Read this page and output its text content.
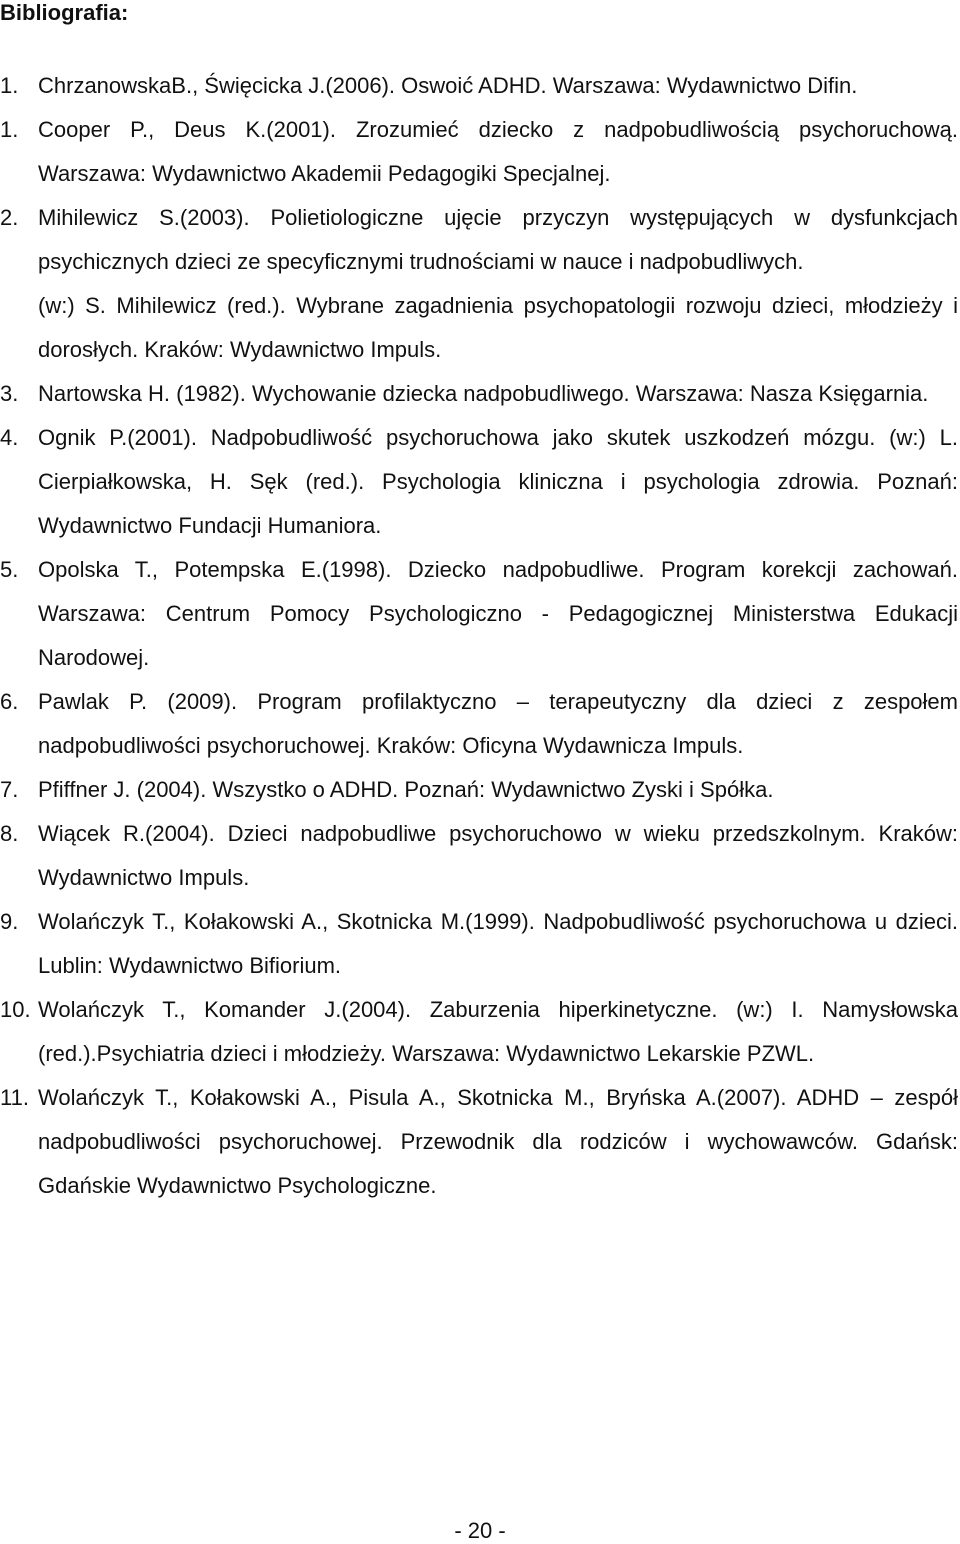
Bibliografia:
1. ChrzanowskaB., Święcicka J.(2006). Oswoić ADHD. Warszawa: Wydawnictwo Difin.
1. Cooper P., Deus K.(2001). Zrozumieć dziecko z nadpobudliwością psychoruchową. Warszawa: Wydawnictwo Akademii Pedagogiki Specjalnej.
2. Mihilewicz S.(2003). Polietiologiczne ujęcie przyczyn występujących w dysfunkcjach psychicznych dzieci ze specyficznymi trudnościami w nauce i nadpobudliwych.
(w:) S. Mihilewicz (red.). Wybrane zagadnienia psychopatologii rozwoju dzieci, młodzieży i dorosłych. Kraków: Wydawnictwo Impuls.
3. Nartowska H. (1982). Wychowanie dziecka nadpobudliwego. Warszawa: Nasza Księgarnia.
4. Ognik P.(2001). Nadpobudliwość psychoruchowa jako skutek uszkodzeń mózgu. (w:) L. Cierpiałkowska, H. Sęk (red.). Psychologia kliniczna i psychologia zdrowia. Poznań: Wydawnictwo Fundacji Humaniora.
5. Opolska T., Potempska E.(1998). Dziecko nadpobudliwe. Program korekcji zachowań. Warszawa: Centrum Pomocy Psychologiczno - Pedagogicznej Ministerstwa Edukacji Narodowej.
6. Pawlak P. (2009). Program profilaktyczno – terapeutyczny dla dzieci z zespołem nadpobudliwości psychoruchowej. Kraków: Oficyna Wydawnicza Impuls.
7. Pfiffner J. (2004). Wszystko o ADHD. Poznań: Wydawnictwo Zyski i Spółka.
8. Wiącek R.(2004). Dzieci nadpobudliwe psychoruchowo w wieku przedszkolnym. Kraków: Wydawnictwo Impuls.
9. Wolańczyk T., Kołakowski A., Skotnicka M.(1999). Nadpobudliwość psychoruchowa u dzieci. Lublin: Wydawnictwo Bifiorium.
10. Wolańczyk T., Komander J.(2004). Zaburzenia hiperkinetyczne. (w:) I. Namysłowska (red.).Psychiatria dzieci i młodzieży. Warszawa: Wydawnictwo Lekarskie PZWL.
11. Wolańczyk T., Kołakowski A., Pisula A., Skotnicka M., Bryńska A.(2007). ADHD – zespół nadpobudliwości psychoruchowej. Przewodnik dla rodziców i wychowawców. Gdańsk: Gdańskie Wydawnictwo Psychologiczne.
- 20 -
